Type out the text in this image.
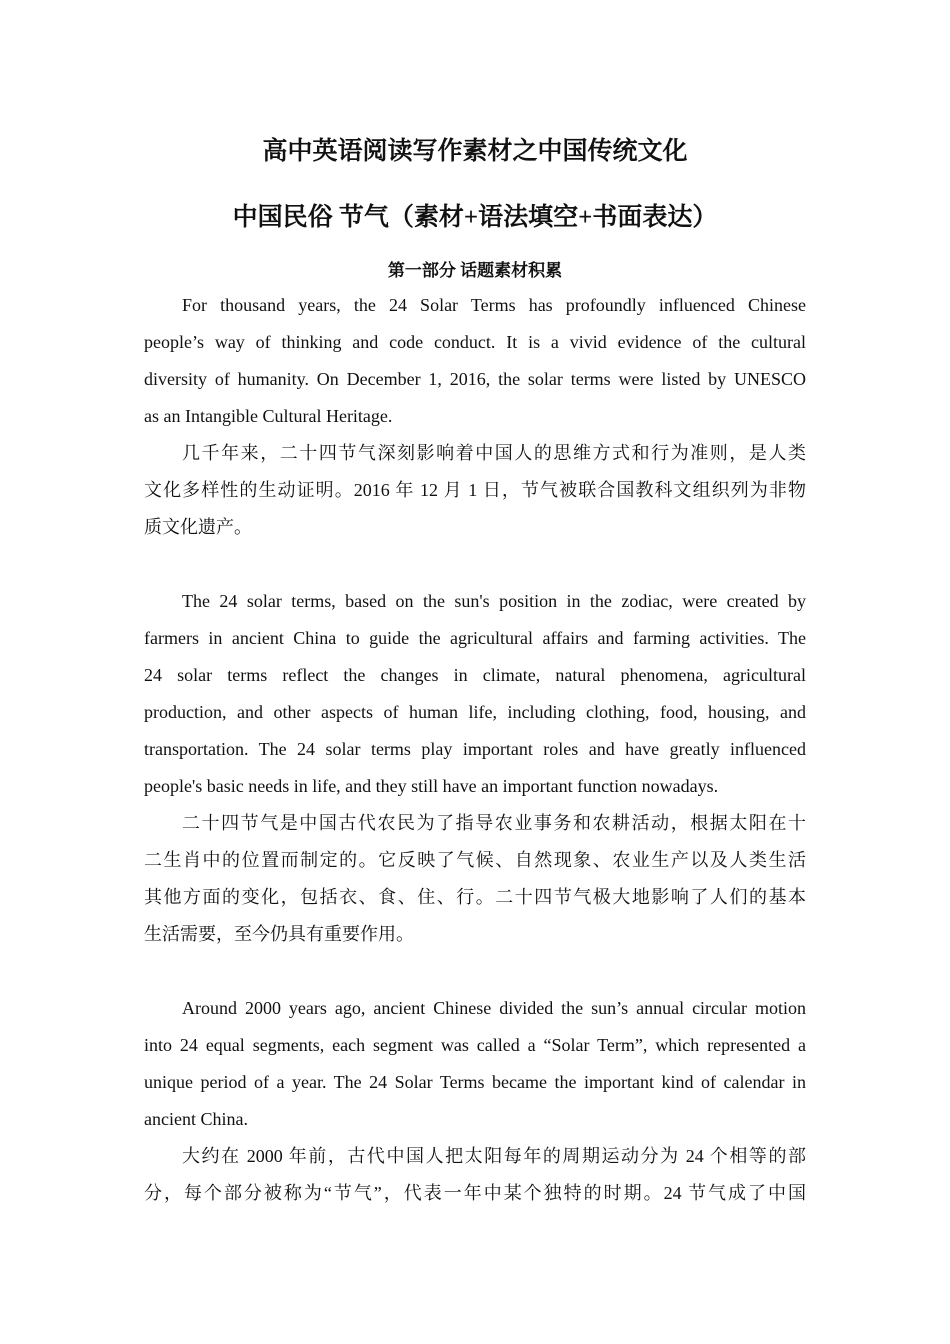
高中英语阅读写作素材之中国传统文化
中国民俗 节气（素材+语法填空+书面表达）
第一部分 话题素材积累
For thousand years, the 24 Solar Terms has profoundly influenced Chinese
people’s way of thinking and code conduct. It is a vivid evidence of the cultural
diversity of humanity. On December 1, 2016, the solar terms were listed by UNESCO
as an Intangible Cultural Heritage.
几千年来，二十四节气深刻影响着中国人的思维方式和行为准则，是人类
文化多样性的生动证明。2016 年 12 月 1 日，节气被联合国教科文组织列为非物
质文化遗产。
The 24 solar terms, based on the sun's position in the zodiac, were created by
farmers in ancient China to guide the agricultural affairs and farming activities. The
24 solar terms reflect the changes in climate, natural phenomena, agricultural
production, and other aspects of human life, including clothing, food, housing, and
transportation. The 24 solar terms play important roles and have greatly influenced
people's basic needs in life, and they still have an important function nowadays.
二十四节气是中国古代农民为了指导农业事务和农耕活动，根据太阳在十
二生肖中的位置而制定的。它反映了气候、自然现象、农业生产以及人类生活
其他方面的变化，包括衣、食、住、行。二十四节气极大地影响了人们的基本
生活需要，至今仍具有重要作用。
Around 2000 years ago, ancient Chinese divided the sun’s annual circular motion
into 24 equal segments, each segment was called a “Solar Term”, which represented a
unique period of a year. The 24 Solar Terms became the important kind of calendar in
ancient China.
大约在 2000 年前，古代中国人把太阳每年的周期运动分为 24 个相等的部
分，每个部分被称为“节气”，代表一年中某个独特的时期。24 节气成了中国
